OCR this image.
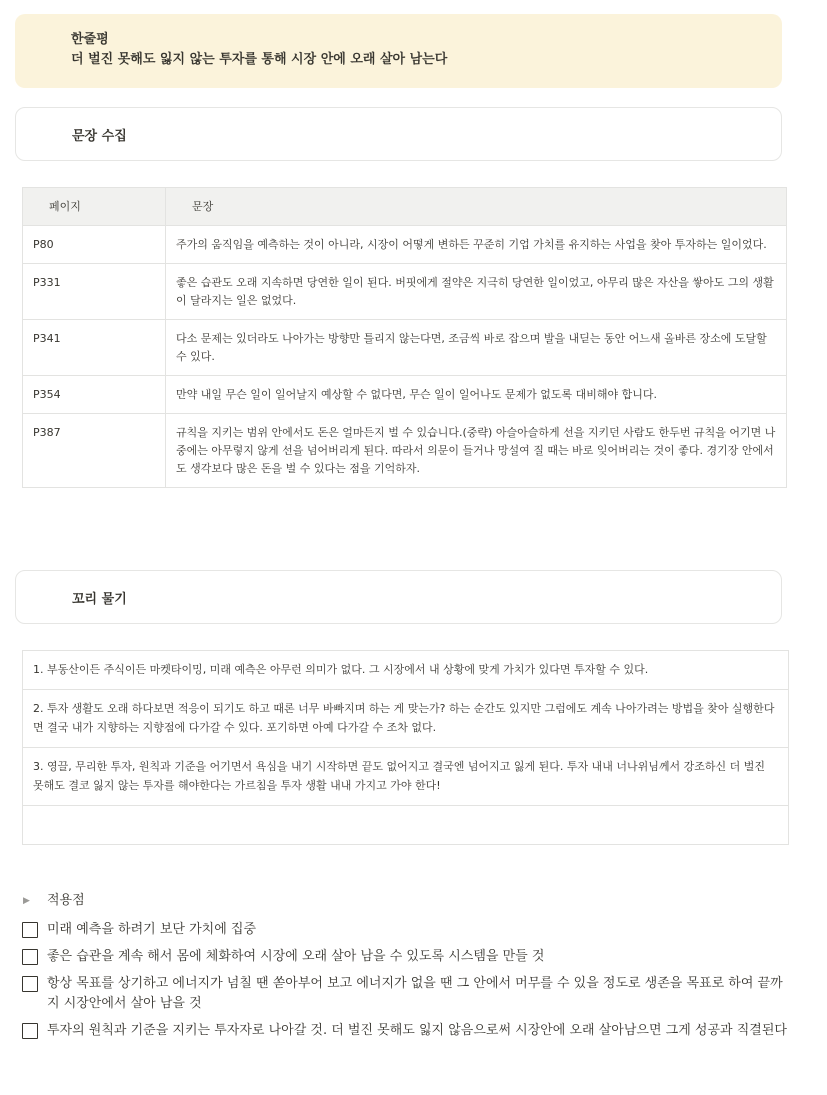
한줄평
더 벌진 못해도 잃지 않는 투자를 통해 시장 안에 오래 살아 남는다
문장 수집
페이지	문장
P80	주가의 움직임을 예측하는 것이 아니라, 시장이 어떻게 변하든 꾸준히 기업 가치를 유지하는 사업을 찾아 투자하는 일이었다.
P331	좋은 습관도 오래 지속하면 당연한 일이 된다. 버핏에게 절약은 지극히 당연한 일이었고, 아무리 많은 자산을 쌓아도 그의 생활이 달라지는 일은 없었다.
P341	다소 문제는 있더라도 나아가는 방향만 틀리지 않는다면, 조금씩 바로 잡으며 발을 내딛는 동안 어느새 올바른 장소에 도달할 수 있다.
P354	만약 내일 무슨 일이 일어날지 예상할 수 없다면, 무슨 일이 일어나도 문제가 없도록 대비해야 합니다.
P387	규칙을 지키는 범위 안에서도 돈은 얼마든지 벌 수 있습니다.(중략) 아슬아슬하게 선을 지키던 사람도 한두번 규칙을 어기면 나중에는 아무렇지 않게 선을 넘어버리게 된다. 따라서 의문이 들거나 망설여 질 때는 바로 잊어버리는 것이 좋다. 경기장 안에서도 생각보다 많은 돈을 벌 수 있다는 점을 기억하자.
꼬리 물기
1. 부동산이든 주식이든 마켓타이밍, 미래 예측은 아무런 의미가 없다. 그 시장에서 내 상황에 맞게 가치가 있다면 투자할 수 있다.
2. 투자 생활도 오래 하다보면 적응이 되기도 하고 때론 너무 바빠지며 하는 게 맞는가? 하는 순간도 있지만 그럼에도 계속 나아가려는 방법을 찾아 실행한다면 결국 내가 지향하는 지향점에 다가갈 수 있다. 포기하면 아예 다가갈 수 조차 없다.
3. 영끌, 무리한 투자, 원칙과 기준을 어기면서 욕심을 내기 시작하면 끝도 없어지고 결국엔 넘어지고 잃게 된다. 투자 내내 너나위님께서 강조하신 더 벌진 못해도 결코 잃지 않는 투자를 해야한다는 가르침을 투자 생활 내내 가지고 가야 한다!
▶	적용점
미래 예측을 하려기 보단 가치에 집중
좋은 습관을 계속 해서 몸에 체화하여 시장에 오래 살아 남을 수 있도록 시스템을 만들 것
항상 목표를 상기하고 에너지가 넘칠 땐 쏟아부어 보고 에너지가 없을 땐 그 안에서 머무를 수 있을 정도로 생존을 목표로 하여 끝까지 시장안에서 살아 남을 것
투자의 원칙과 기준을 지키는 투자자로 나아갈 것. 더 벌진 못해도 잃지 않음으로써 시장안에 오래 살아남으면 그게 성공과 직결된다
